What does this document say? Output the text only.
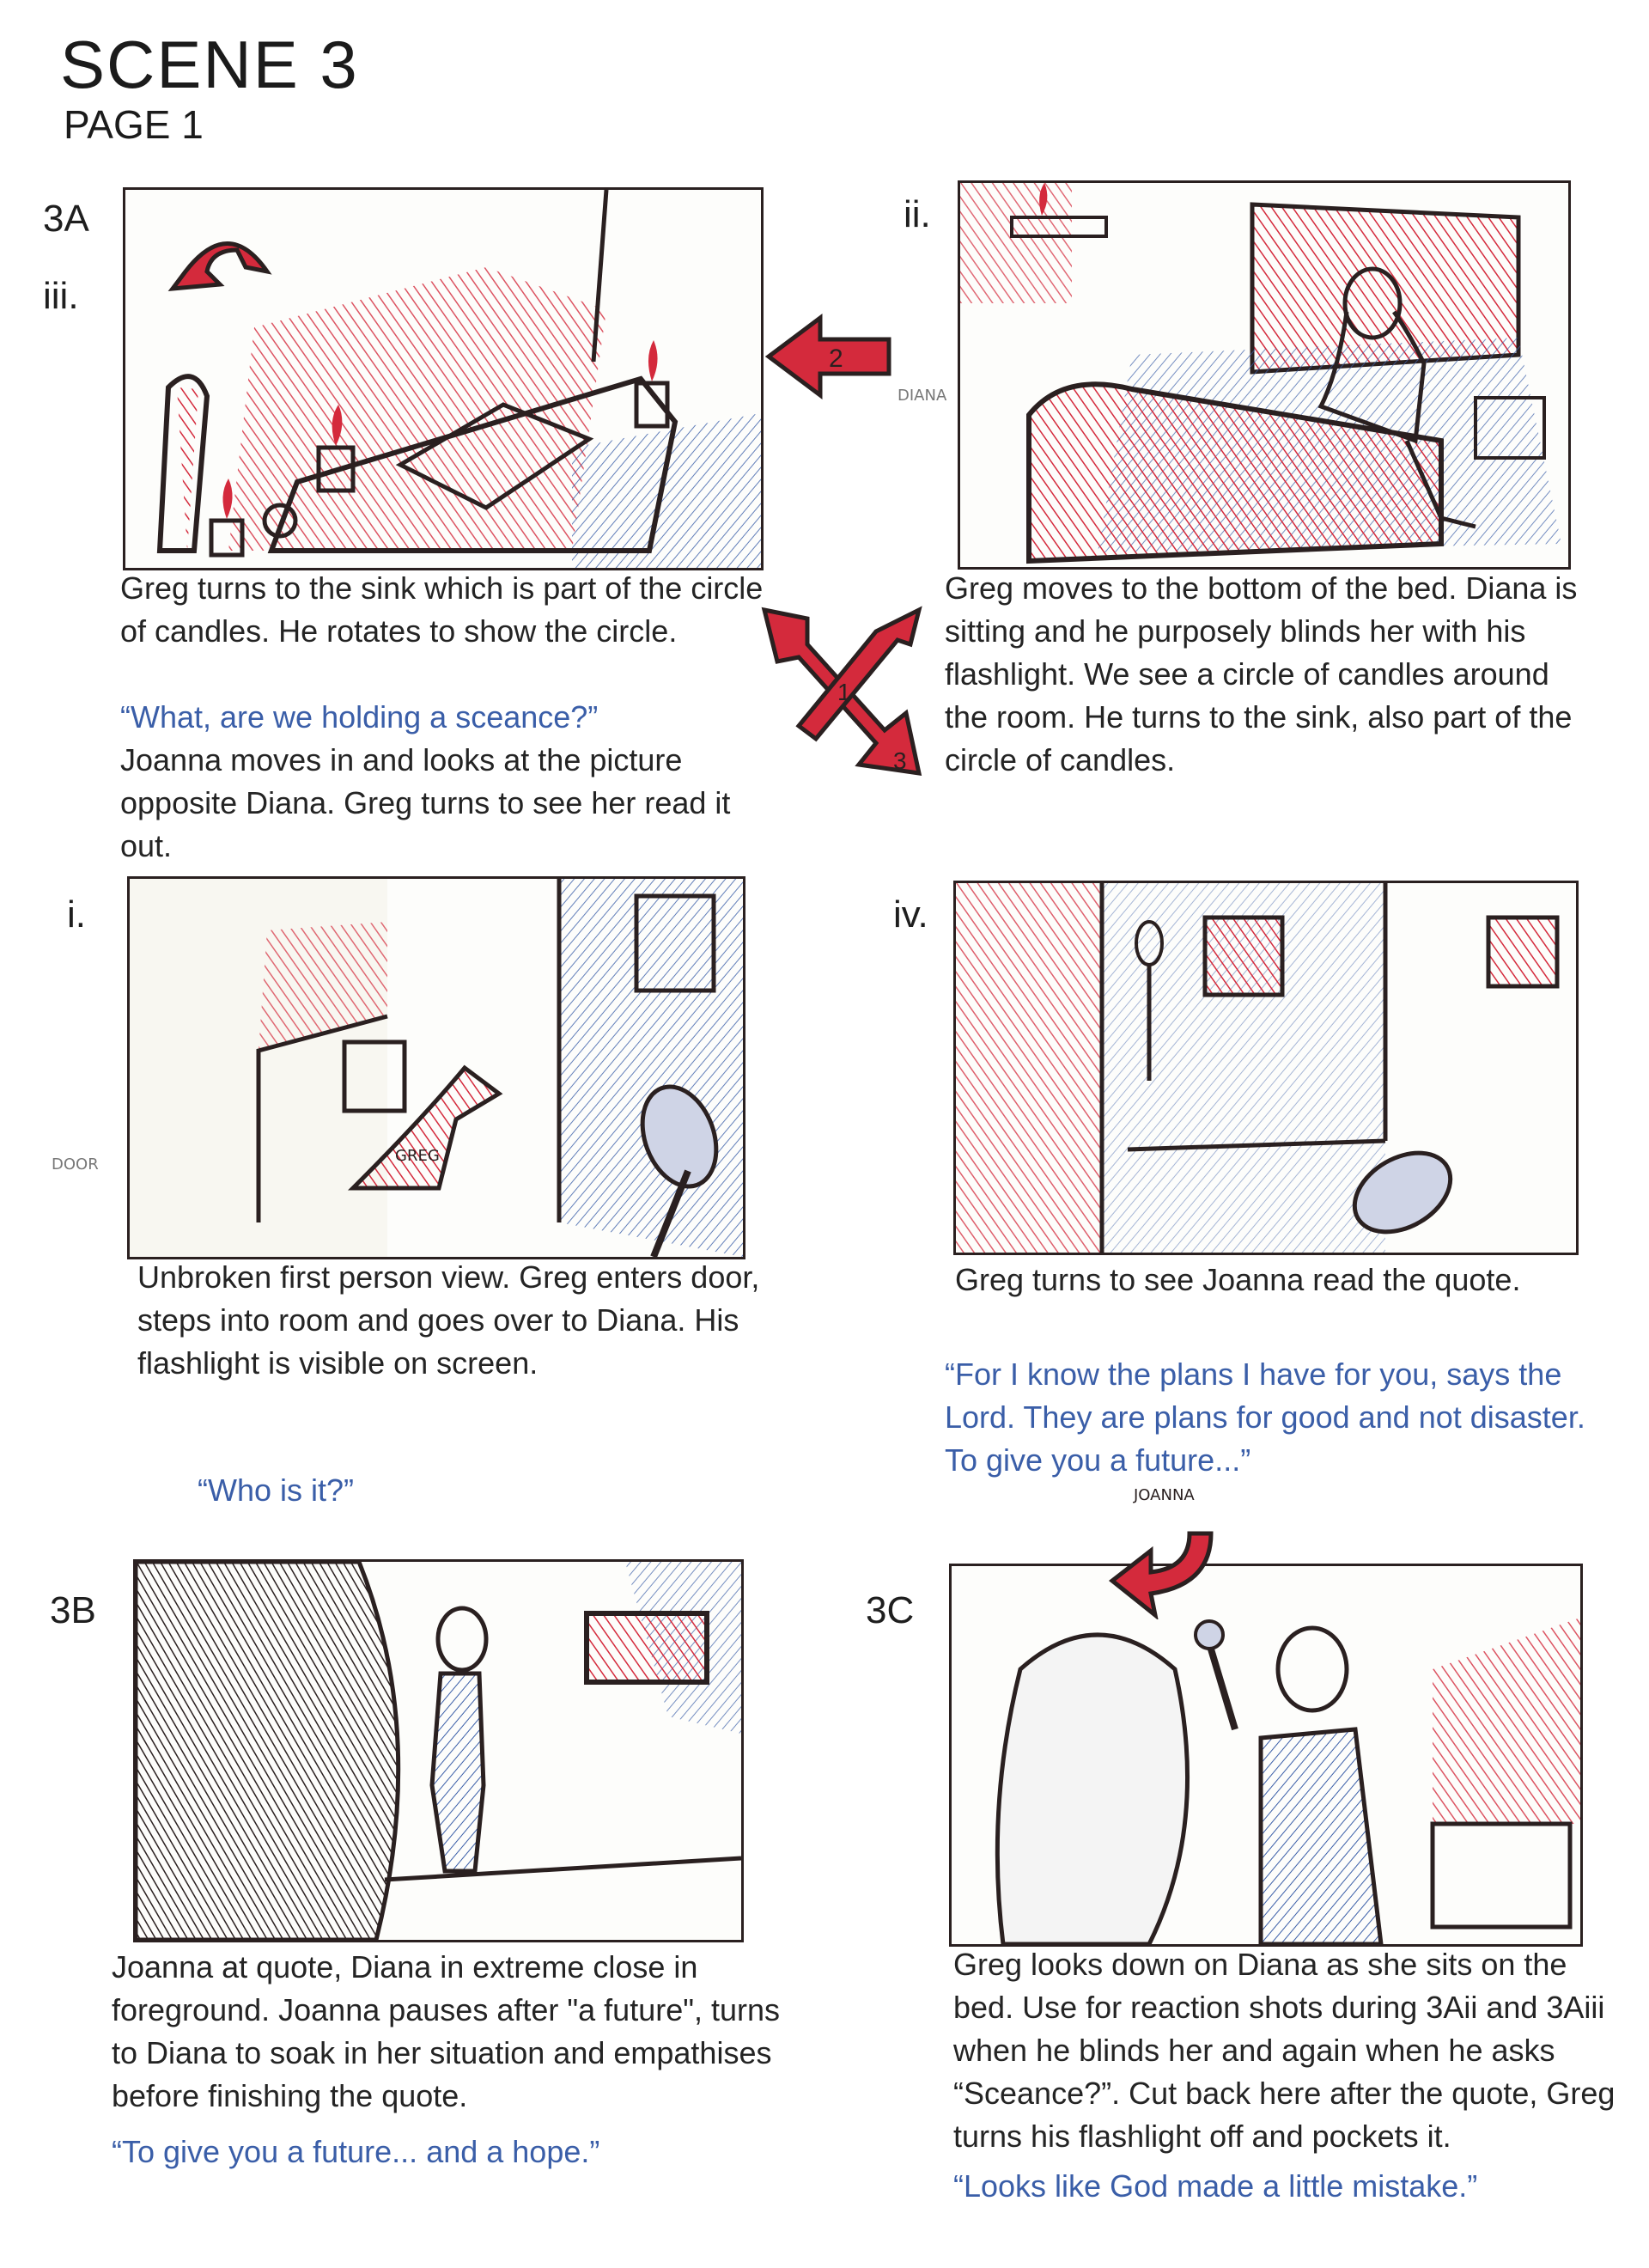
SCENE 3
PAGE 1
3A
iii.
ii.
i.	iv.
3B	3C
2
1
3
DIANA
DOOR	GREG
JOANNA
Greg turns to the sink which is part of the circle of candles. He rotates to show the circle.
“What, are we holding a sceance?”
Joanna moves in and looks at the picture opposite Diana. Greg turns to see her read it out.
Greg moves to the bottom of the bed. Diana is sitting and he purposely blinds her with his flashlight. We see a circle of candles around the room. He turns to the sink, also part of the circle of candles.
Unbroken first person view. Greg enters door, steps into room and goes over to Diana. His flashlight is visible on screen.
“Who is it?”
Greg turns to see Joanna read the quote.
“For I know the plans I have for you, says the Lord. They are plans for good and not disaster. To give you a future...”
Joanna at quote, Diana in extreme close in foreground. Joanna pauses after "a future", turns to Diana to soak in her situation and empathises before finishing the quote.
“To give you a future... and a hope.”
Greg looks down on Diana as she sits on the bed. Use for reaction shots during 3Aii and 3Aiii when he blinds her and again when he asks “Sceance?”. Cut back here after the quote, Greg turns his flashlight off and pockets it.
“Looks like God made a little mistake.”
